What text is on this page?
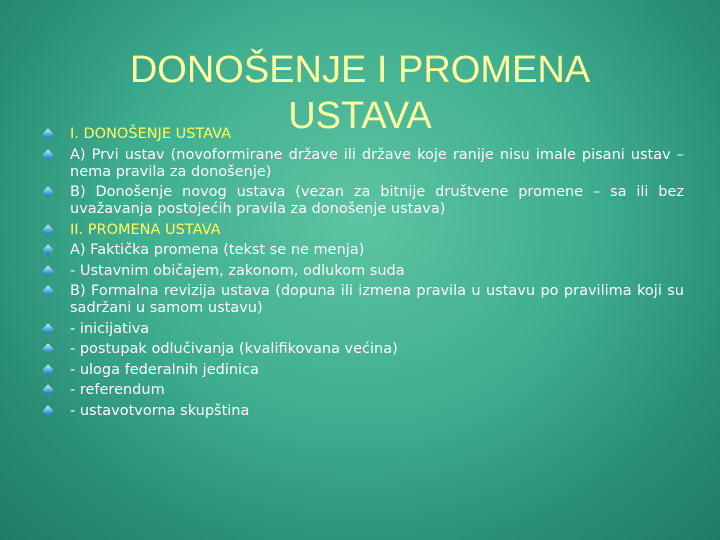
DONOŠENJE I PROMENA
USTAVA
I. DONOŠENJE USTAVA
A) Prvi ustav (novoformirane države ili države koje ranije nisu imale pisani ustav – nema pravila za donošenje)
B) Donošenje novog ustava (vezan za bitnije društvene promene – sa ili bez uvažavanja postojećih pravila za donošenje ustava)
II. PROMENA USTAVA
A) Faktička promena (tekst se ne menja)
- Ustavnim običajem, zakonom, odlukom suda
B) Formalna revizija ustava (dopuna ili izmena pravila u ustavu po pravilima koji su sadržani u samom ustavu)
- inicijativa
- postupak odlučivanja (kvalifikovana većina)
- uloga federalnih jedinica
- referendum
- ustavotvorna skupština
